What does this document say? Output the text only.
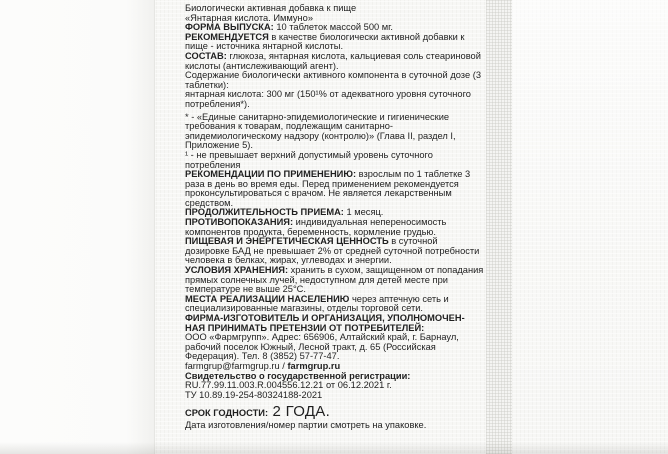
Биологически активная добавка к пище

«Янтарная кислота. Иммуно»

ФОРМА ВЫПУСКА: 10 таблеток массой 500 мг.

РЕКОМЕНДУЕТСЯ в качестве биологически активной добавки к пище - источника янтарной кислоты.

СОСТАВ: глюкоза, янтарная кислота, кальциевая соль стеариновой кислоты (антислеживающий агент).

Содержание биологически активного компонента в суточной дозе (3 таблетки):

янтарная кислота: 300 мг (150¹% от адекватного уровня суточного потребления*).

* - «Единые санитарно-эпидемиологические и гигиенические требования к товарам, подлежащим санитарно-эпидемиологическому надзору (контролю)» (Глава II, раздел I, Приложение 5).

¹ - не превышает верхний допустимый уровень суточного потребления

РЕКОМЕНДАЦИИ ПО ПРИМЕНЕНИЮ: взрослым по 1 таблетке 3 раза в день во время еды. Перед применением рекомендуется проконсультироваться с врачом. Не является лекарственным средством.

ПРОДОЛЖИТЕЛЬНОСТЬ ПРИЕМА: 1 месяц.

ПРОТИВОПОКАЗАНИЯ: индивидуальная непереносимость компонентов продукта, беременность, кормление грудью.

ПИЩЕВАЯ И ЭНЕРГЕТИЧЕСКАЯ ЦЕННОСТЬ в суточной дозировке БАД не превышает 2% от средней суточной потребности человека в белках, жирах, углеводах и энергии.

УСЛОВИЯ ХРАНЕНИЯ: хранить в сухом, защищенном от попадания прямых солнечных лучей, недоступном для детей месте при температуре не выше 25°С.

МЕСТА РЕАЛИЗАЦИИ НАСЕЛЕНИЮ через аптечную сеть и специализированные магазины, отделы торговой сети.

ФИРМА-ИЗГОТОВИТЕЛЬ И ОРГАНИЗАЦИЯ, УПОЛНОМОЧЕН-НАЯ ПРИНИМАТЬ ПРЕТЕНЗИИ ОТ ПОТРЕБИТЕЛЕЙ:

ООО «Фармгрупп». Адрес: 656906, Алтайский край, г. Барнаул, рабочий поселок Южный, Лесной тракт, д. 65 (Российская Федерация). Тел. 8 (3852) 57-77-47.

farmgrup@farmgrup.ru / farmgrup.ru

Свидетельство о государственной регистрации:

RU.77.99.11.003.R.004556.12.21 от 06.12.2021 г.

ТУ 10.89.19-254-80324188-2021

СРОК ГОДНОСТИ: 2 ГОДА.

Дата изготовления/номер партии смотреть на упаковке.
